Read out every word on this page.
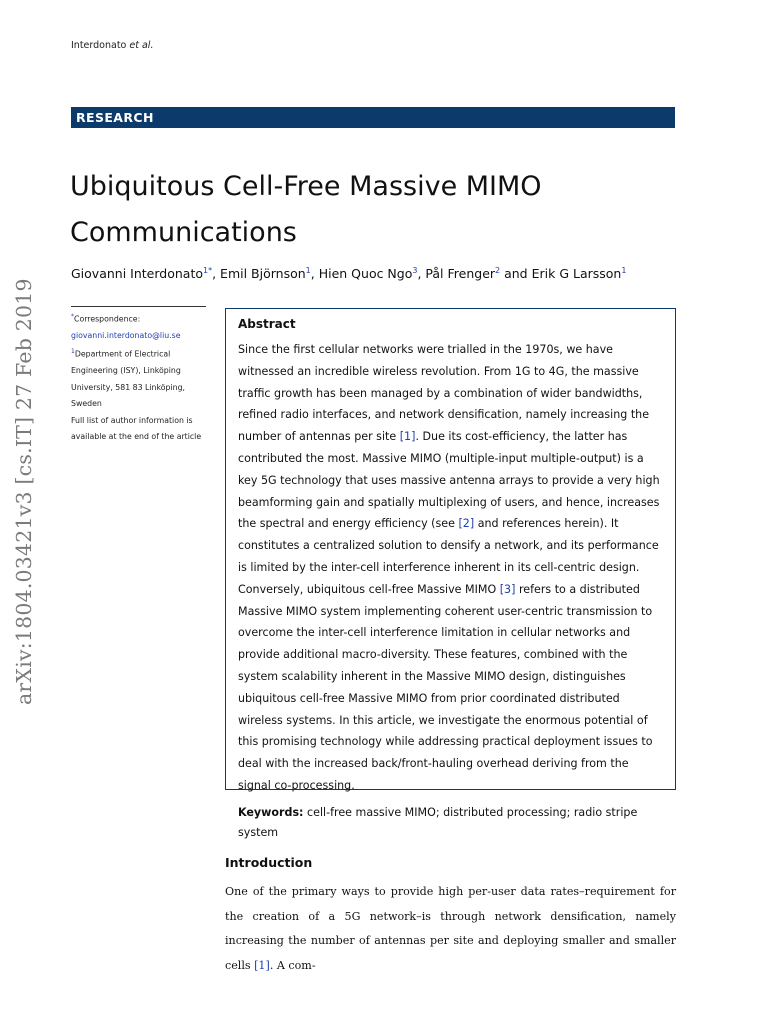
Interdonato et al.
RESEARCH
Ubiquitous Cell-Free Massive MIMO
Communications
Giovanni Interdonato$^{1*}$, Emil Björnson$^1$, Hien Quoc Ngo$^3$, Pål Frenger$^2$ and Erik G Larsson$^1$
arXiv:1804.03421v3 [cs.IT] 27 Feb 2019	*Correspondence:

giovanni.interdonato@liu.se

$^1$Department of Electrical

Engineering (ISY), Linköping

University, 581 83 Linköping,

Sweden

Full list of author information is

available at the end of the article

Abstract

Since the first cellular networks were trialled in the 1970s, we have witnessed an incredible wireless revolution. From 1G to 4G, the massive traffic growth has been managed by a combination of wider bandwidths, refined radio interfaces, and network densification, namely increasing the number of antennas per site [1]. Due its cost-efficiency, the latter has contributed the most. Massive MIMO (multiple-input multiple-output) is a key 5G technology that uses massive antenna arrays to provide a very high beamforming gain and spatially multiplexing of users, and hence, increases the spectral and energy efficiency (see [2] and references herein). It constitutes a centralized solution to densify a network, and its performance is limited by the inter-cell interference inherent in its cell-centric design. Conversely, ubiquitous cell-free Massive MIMO [3] refers to a distributed Massive MIMO system implementing coherent user-centric transmission to overcome the inter-cell interference limitation in cellular networks and provide additional macro-diversity. These features, combined with the system scalability inherent in the Massive MIMO design, distinguishes ubiquitous cell-free Massive MIMO from prior coordinated distributed wireless systems. In this article, we investigate the enormous potential of this promising technology while addressing practical deployment issues to deal with the increased back/front-hauling overhead deriving from the signal co-processing.

Keywords: cell-free massive MIMO; distributed processing; radio stripe system
Introduction

One of the primary ways to provide high per-user data rates–requirement for the creation of a 5G network–is through network densification, namely increasing the number of antennas per site and deploying smaller and smaller cells [1]. A com-
